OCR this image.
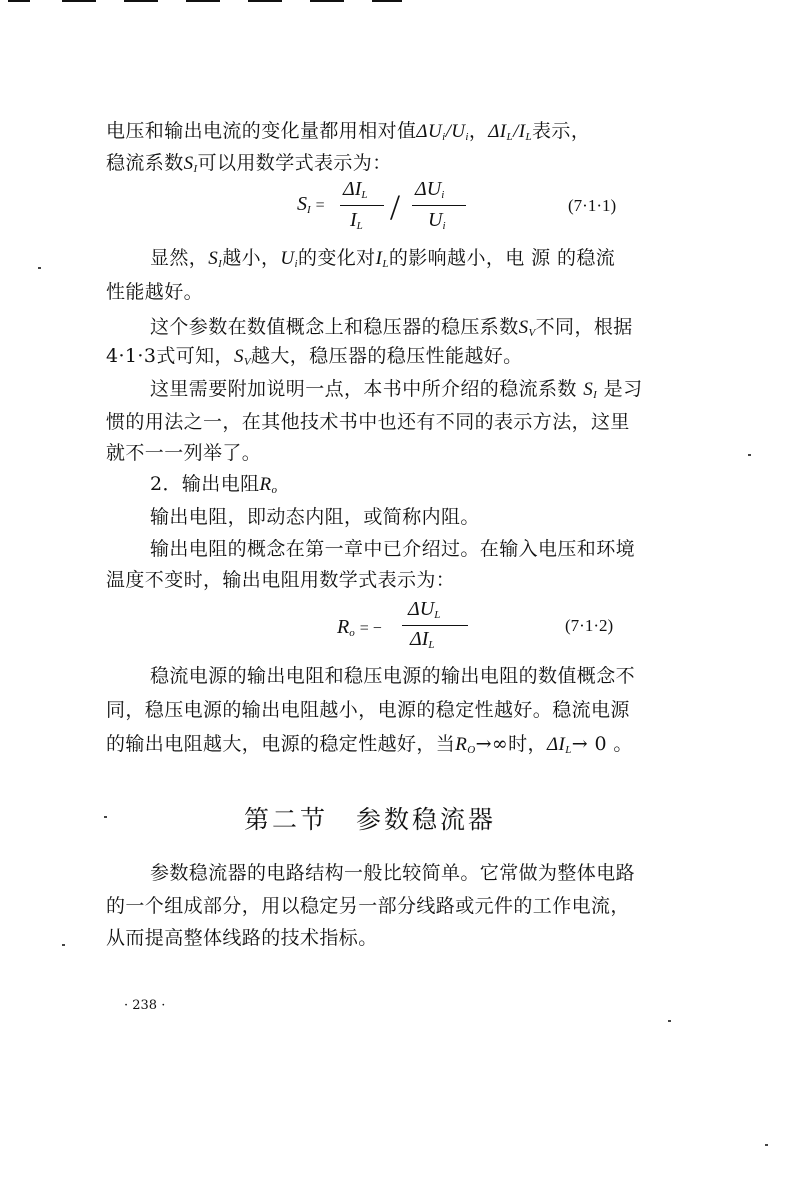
电压和输出电流的变化量都用相对值$\Delta U_i/U_i$，$\Delta I_L/I_L$表示，
稳流系数$S_I$可以用数学式表示为：
$S_I$ =
$\Delta I_L$
$I_L / \Delta U_i$
$U_i$
(7·1·1)
显然，$S_I$越小，$U_i$的变化对$I_L$的影响越小，电 源 的稳流
性能越好。
这个参数在数值概念上和稳压器的稳压系数$S_V$不同，根据
4·1·3式可知，$S_V$越大，稳压器的稳压性能越好。
这里需要附加说明一点，本书中所介绍的稳流系数 $S_I$ 是习
惯的用法之一，在其他技术书中也还有不同的表示方法，这里
就不一一列举了。
2．输出电阻$R_o$
输出电阻，即动态内阻，或简称内阻。
输出电阻的概念在第一章中已介绍过。在输入电压和环境
温度不变时，输出电阻用数学式表示为：
$R_o$ = −
$\Delta U_L$
$\Delta I_L$
(7·1·2)
稳流电源的输出电阻和稳压电源的输出电阻的数值概念不
同，稳压电源的输出电阻越小，电源的稳定性越好。稳流电源
的输出电阻越大，电源的稳定性越好，当$R_O\to\infty$时，$\Delta I_L\to 0$ 。
第二节　参数稳流器
参数稳流器的电路结构一般比较简单。它常做为整体电路
的一个组成部分，用以稳定另一部分线路或元件的工作电流，
从而提高整体线路的技术指标。
· 238 ·
